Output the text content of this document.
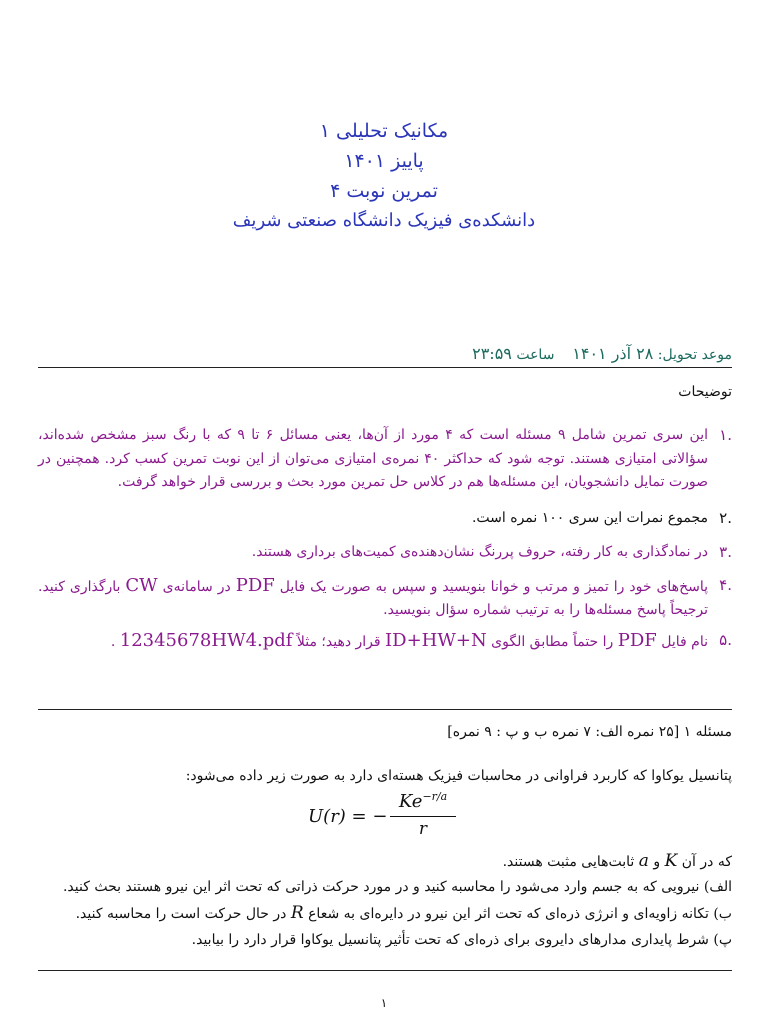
مکانیک تحلیلی ۱
پاییز ۱۴۰۱
تمرین نوبت ۴
دانشکده‌ی فیزیک دانشگاه صنعتی شریف
موعد تحویل: ۲۸ آذر ۱۴۰۱    ساعت ۲۳:۵۹
توضیحات
.۱
این سری تمرین شامل ۹ مسئله است که ۴ مورد از آن‌ها، یعنی مسائل ۶ تا ۹ که با رنگ سبز مشخص شده‌اند، سؤالاتی امتیازی هستند. توجه شود که حداکثر ۴۰ نمره‌ی امتیازی می‌توان از این نوبت تمرین کسب کرد. همچنین در صورت تمایل دانشجویان، این مسئله‌ها هم در کلاس حل تمرین مورد بحث و بررسی قرار خواهد گرفت.
.۲
مجموع نمرات این سری ۱۰۰ نمره است.
.۳
در نمادگذاری به کار رفته، حروف پررنگ نشان‌دهنده‌ی کمیت‌های برداری هستند.
.۴
پاسخ‌های خود را تمیز و مرتب و خوانا بنویسید و سپس به صورت یک فایل PDF در سامانه‌ی CW بارگذاری کنید. ترجیحاً پاسخ مسئله‌ها را به ترتیب شماره سؤال بنویسید.
.۵
نام فایل PDF را حتماً مطابق الگوی ID+HW+N قرار دهید؛ مثلاً 12345678HW4.pdf .
مسئله ۱ [۲۵ نمره الف: ۷ نمره ب و پ : ۹ نمره]
پتانسیل یوکاوا که کاربرد فراوانی در محاسبات فیزیک هسته‌ای دارد به صورت زیر داده می‌شود:
U(r) = −
$Ke^{-r/a}$
r
که در آن K و a ثابت‌هایی مثبت هستند.
الف) نیرویی که به جسم وارد می‌شود را محاسبه کنید و در مورد حرکت ذراتی که تحت اثر این نیرو هستند بحث کنید.
ب) تکانه زاویه‌ای و انرژی ذره‌ای که تحت اثر این نیرو در دایره‌ای به شعاع R در حال حرکت است را محاسبه کنید.
پ) شرط پایداری مدارهای دایروی برای ذره‌ای که تحت تأثیر پتانسیل یوکاوا قرار دارد را بیابید.
۱
